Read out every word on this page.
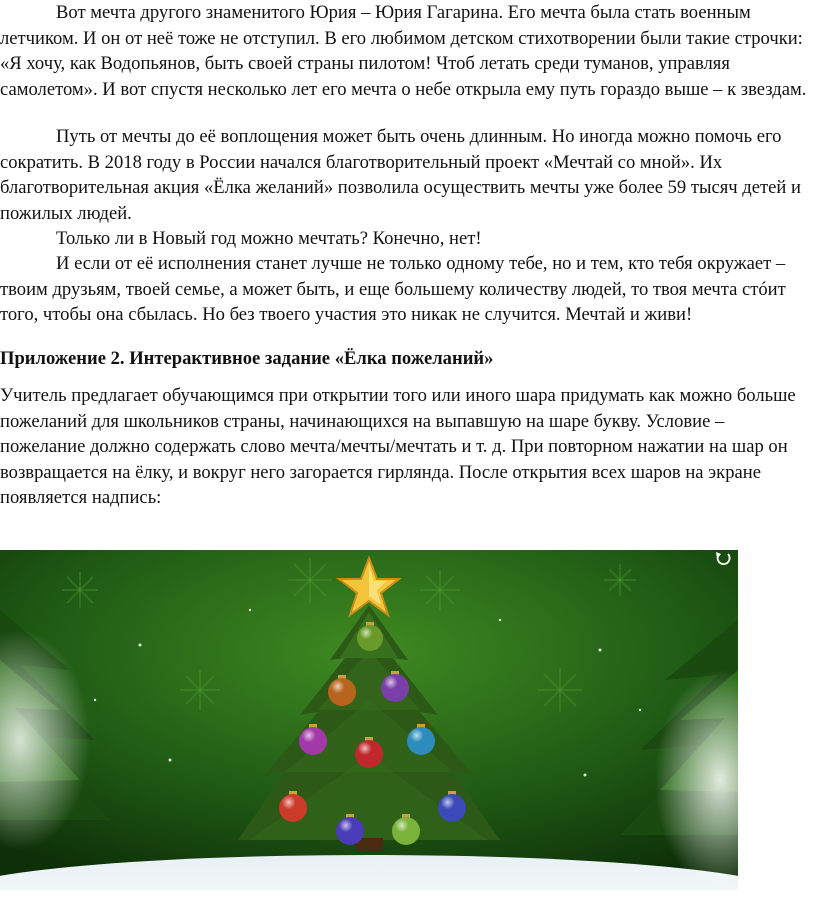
Вот мечта другого знаменитого Юрия – Юрия Гагарина. Его мечта была стать военным летчиком. И он от неё тоже не отступил. В его любимом детском стихотворении были такие строчки: «Я хочу, как Водопьянов, быть своей страны пилотом! Чтоб летать среди туманов, управляя самолетом». И вот спустя несколько лет его мечта о небе открыла ему путь гораздо выше – к звездам.

Путь от мечты до её воплощения может быть очень длинным. Но иногда можно помочь его сократить. В 2018 году в России начался благотворительный проект «Мечтай со мной». Их благотворительная акция «Ёлка желаний» позволила осуществить мечты уже более 59 тысяч детей и пожилых людей.

Только ли в Новый год можно мечтать? Конечно, нет!

И если от её исполнения станет лучше не только одному тебе, но и тем, кто тебя окружает – твоим друзьям, твоей семье, а может быть, и еще большему количеству людей, то твоя мечта стóит того, чтобы она сбылась. Но без твоего участия это никак не случится. Мечтай и живи!

Приложение 2. Интерактивное задание «Ёлка пожеланий»

Учитель предлагает обучающимся при открытии того или иного шара придумать как можно больше пожеланий для школьников страны, начинающихся на выпавшую на шаре букву. Условие – пожелание должно содержать слово мечта/мечты/мечтать и т. д. При повторном нажатии на шар он возвращается на ёлку, и вокруг него загорается гирлянда. После открытия всех шаров на экране появляется надпись:
